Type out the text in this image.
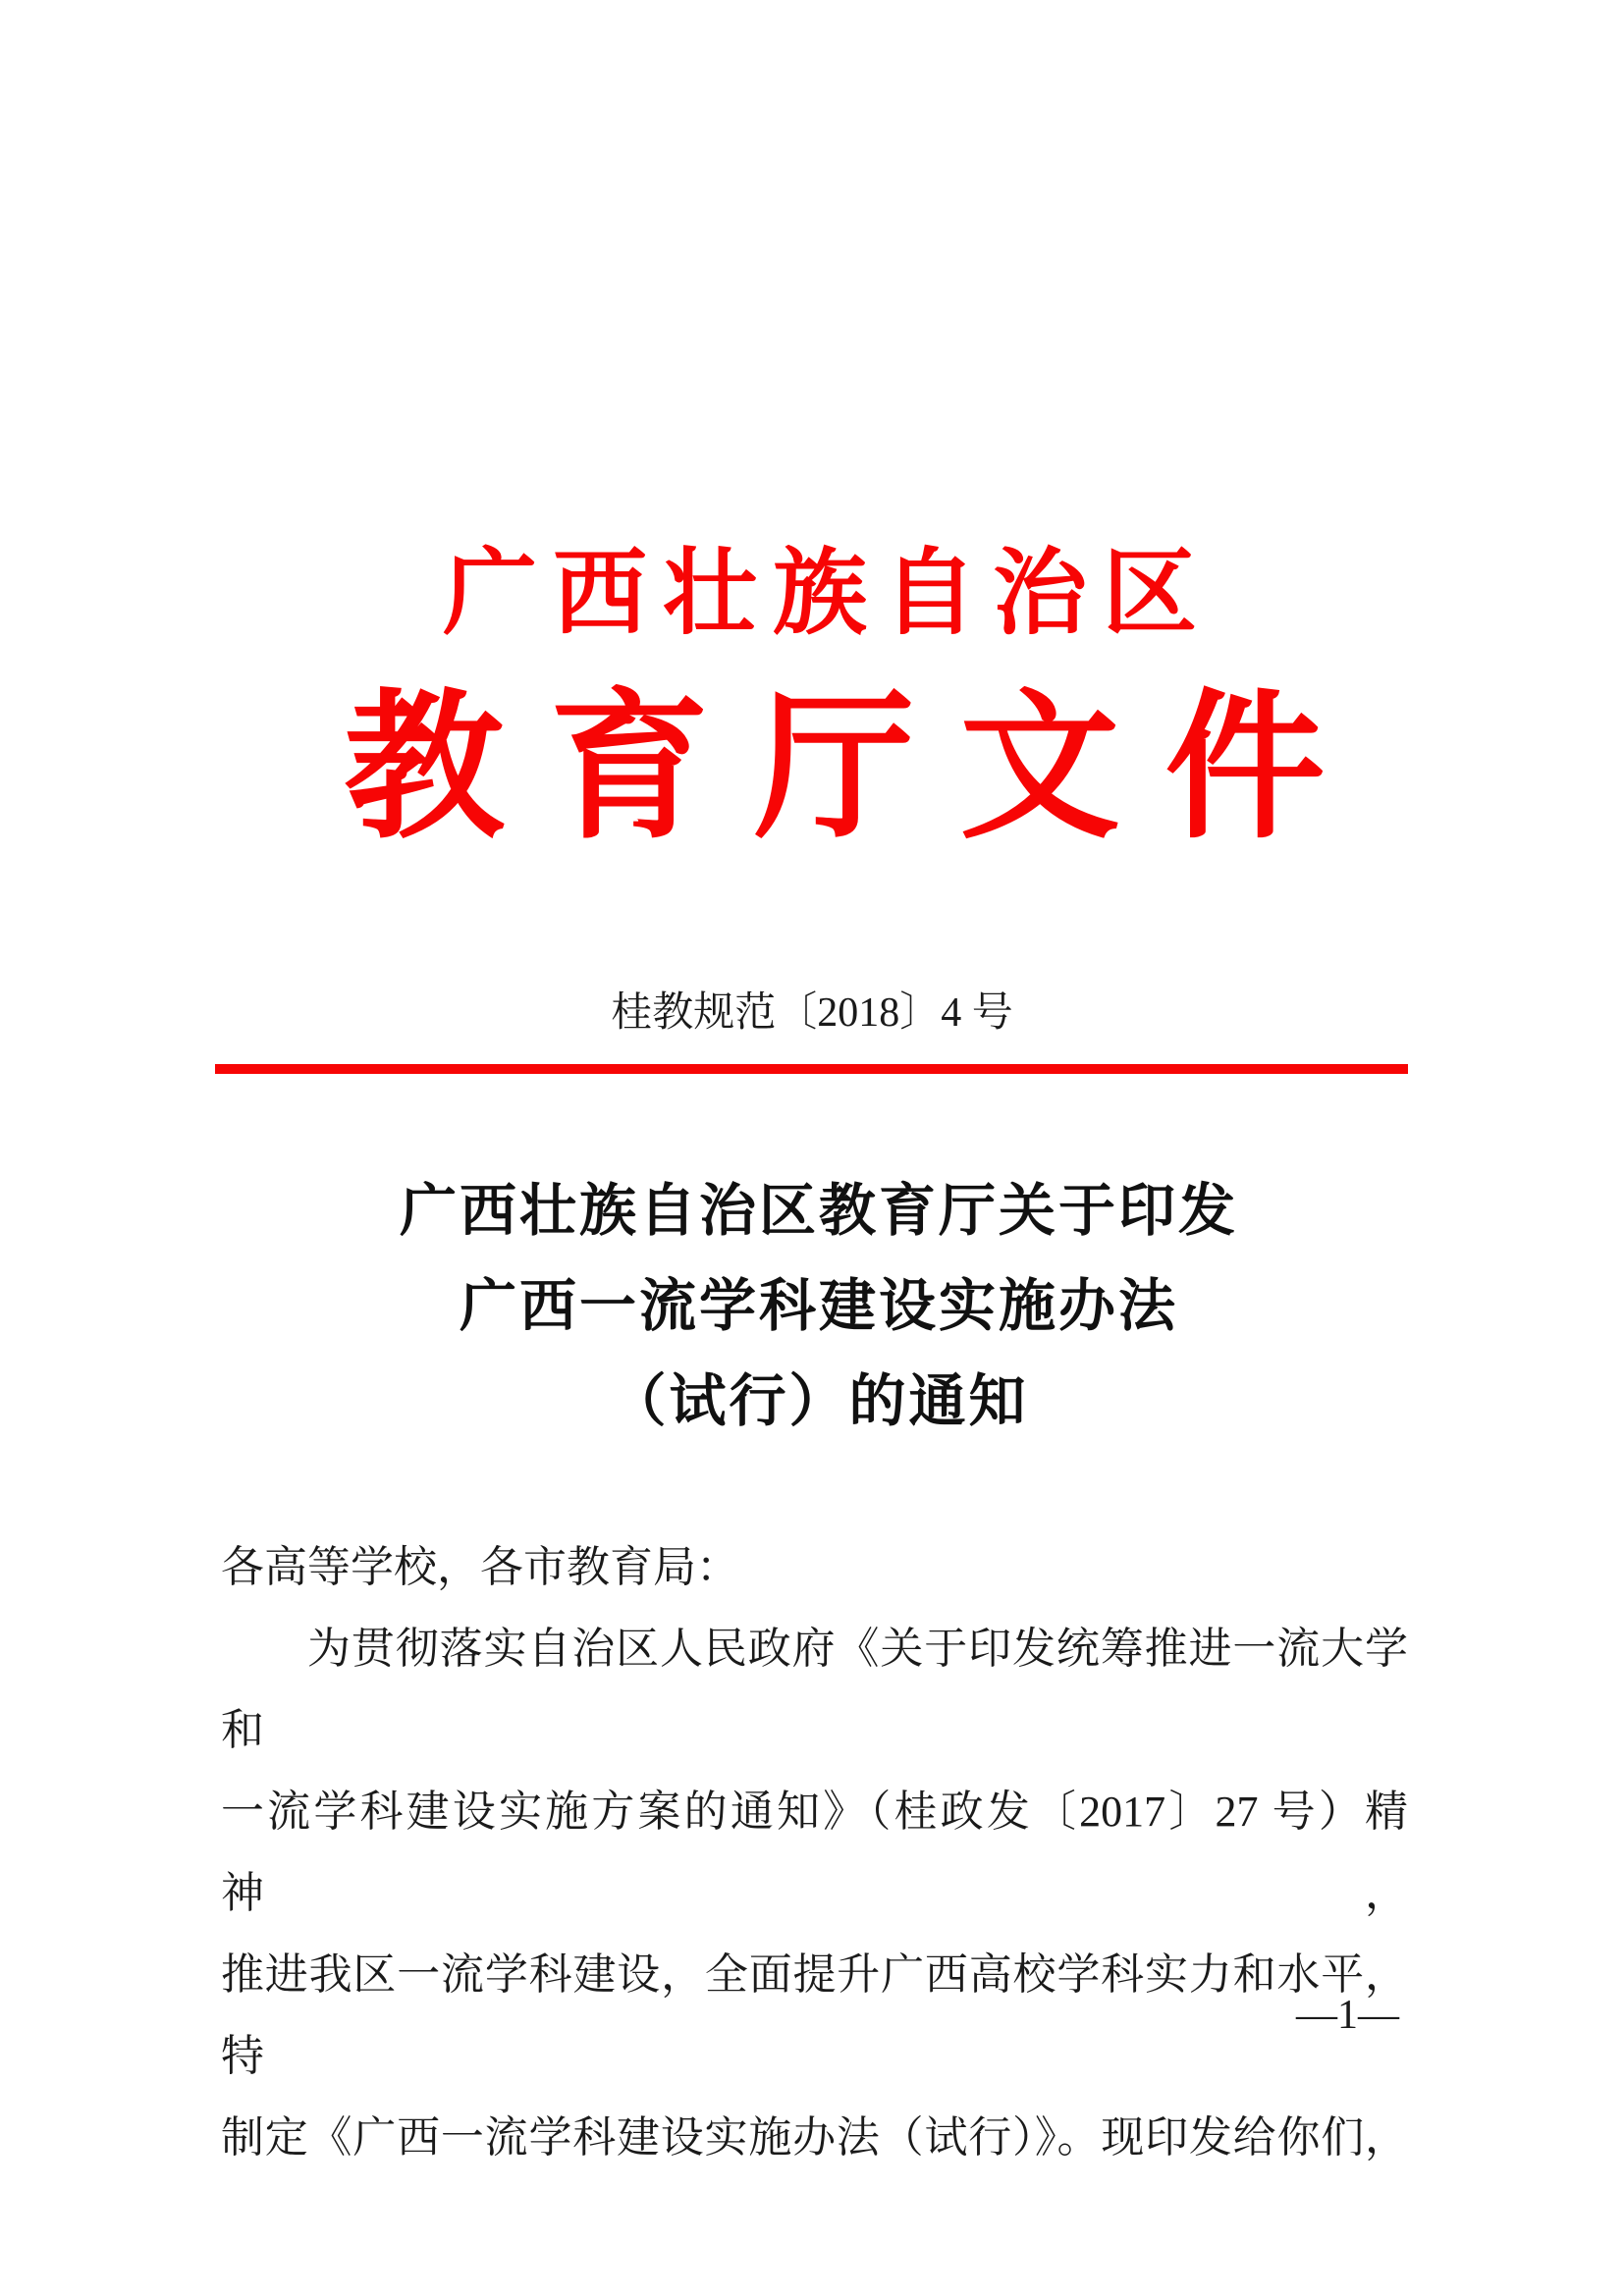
广西壮族自治区
教育厅文件
桂教规范〔2018〕4 号
广西壮族自治区教育厅关于印发
广西一流学科建设实施办法
（试行）的通知
各高等学校，各市教育局：
为贯彻落实自治区人民政府《关于印发统筹推进一流大学和
一流学科建设实施方案的通知》（桂政发〔2017〕27 号）精神，
推进我区一流学科建设，全面提升广西高校学科实力和水平，特
制定《广西一流学科建设实施办法（试行）》。现印发给你们，
—1—
